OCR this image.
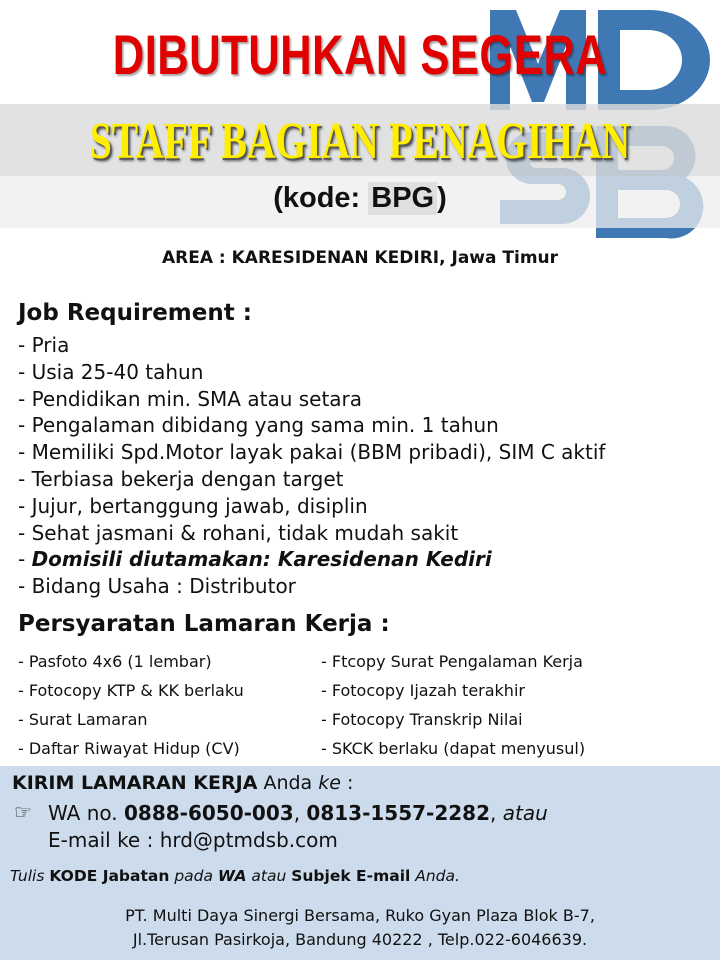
DIBUTUHKAN SEGERA
STAFF BAGIAN PENAGIHAN
(kode: BPG )
AREA : KARESIDENAN KEDIRI, Jawa Timur
Job Requirement :
- Pria
- Usia 25-40 tahun
- Pendidikan min. SMA atau setara
- Pengalaman dibidang yang sama min. 1 tahun
- Memiliki Spd.Motor layak pakai (BBM pribadi), SIM C aktif
- Terbiasa bekerja dengan target
- Jujur, bertanggung jawab, disiplin
- Sehat jasmani & rohani, tidak mudah sakit
- Domisili diutamakan: Karesidenan Kediri
- Bidang Usaha : Distributor
Persyaratan Lamaran Kerja :
- Pasfoto 4x6 (1 lembar)
- Fotocopy KTP & KK berlaku
- Surat Lamaran
- Daftar Riwayat Hidup (CV)
- Ftcopy Surat Pengalaman Kerja
- Fotocopy Ijazah terakhir
- Fotocopy Transkrip Nilai
- SKCK berlaku (dapat menyusul)
KIRIM LAMARAN KERJA Anda ke :
☞ WA no. 0888-6050-003, 0813-1557-2282, atau
E-mail ke : hrd@ptmdsb.com
Tulis KODE Jabatan pada WA atau Subjek E-mail Anda.
PT. Multi Daya Sinergi Bersama, Ruko Gyan Plaza Blok B-7,
Jl.Terusan Pasirkoja, Bandung 40222 , Telp.022-6046639.
